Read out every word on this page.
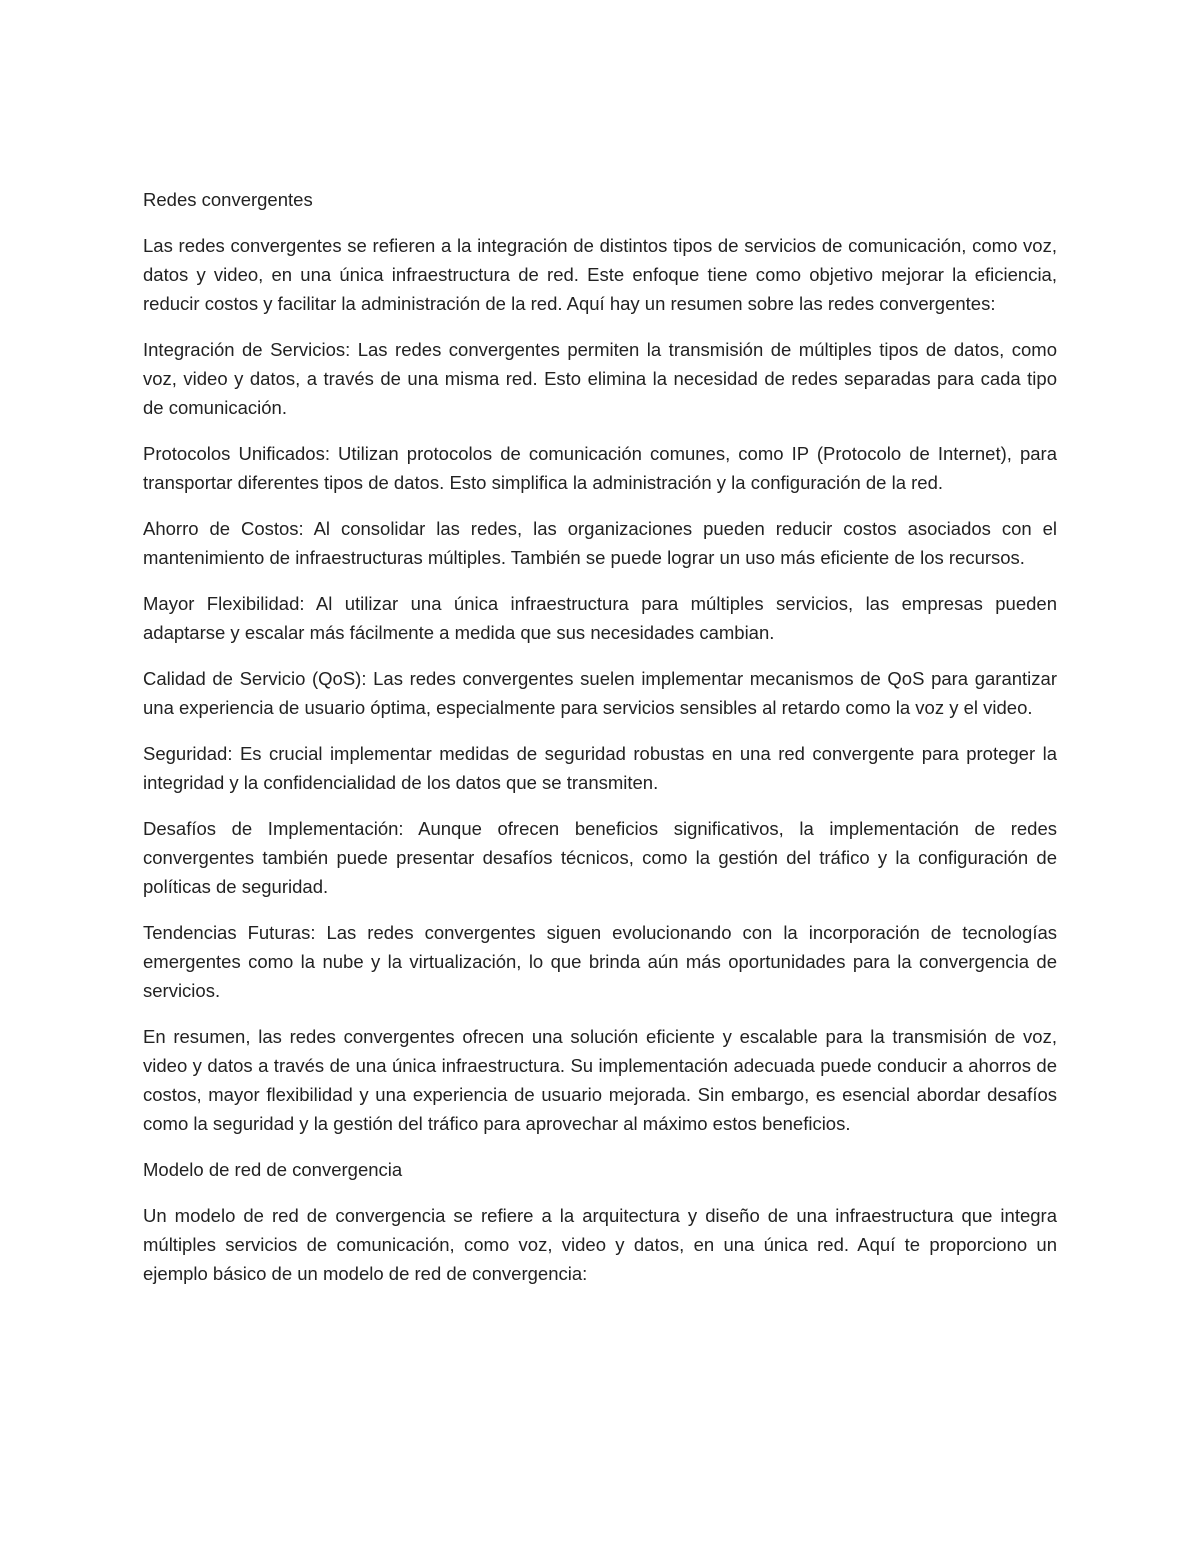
Redes convergentes

Las redes convergentes se refieren a la integración de distintos tipos de servicios de comunicación, como voz, datos y video, en una única infraestructura de red. Este enfoque tiene como objetivo mejorar la eficiencia, reducir costos y facilitar la administración de la red. Aquí hay un resumen sobre las redes convergentes:

Integración de Servicios: Las redes convergentes permiten la transmisión de múltiples tipos de datos, como voz, video y datos, a través de una misma red. Esto elimina la necesidad de redes separadas para cada tipo de comunicación.

Protocolos Unificados: Utilizan protocolos de comunicación comunes, como IP (Protocolo de Internet), para transportar diferentes tipos de datos. Esto simplifica la administración y la configuración de la red.

Ahorro de Costos: Al consolidar las redes, las organizaciones pueden reducir costos asociados con el mantenimiento de infraestructuras múltiples. También se puede lograr un uso más eficiente de los recursos.

Mayor Flexibilidad: Al utilizar una única infraestructura para múltiples servicios, las empresas pueden adaptarse y escalar más fácilmente a medida que sus necesidades cambian.

Calidad de Servicio (QoS): Las redes convergentes suelen implementar mecanismos de QoS para garantizar una experiencia de usuario óptima, especialmente para servicios sensibles al retardo como la voz y el video.

Seguridad: Es crucial implementar medidas de seguridad robustas en una red convergente para proteger la integridad y la confidencialidad de los datos que se transmiten.

Desafíos de Implementación: Aunque ofrecen beneficios significativos, la implementación de redes convergentes también puede presentar desafíos técnicos, como la gestión del tráfico y la configuración de políticas de seguridad.

Tendencias Futuras: Las redes convergentes siguen evolucionando con la incorporación de tecnologías emergentes como la nube y la virtualización, lo que brinda aún más oportunidades para la convergencia de servicios.

En resumen, las redes convergentes ofrecen una solución eficiente y escalable para la transmisión de voz, video y datos a través de una única infraestructura. Su implementación adecuada puede conducir a ahorros de costos, mayor flexibilidad y una experiencia de usuario mejorada. Sin embargo, es esencial abordar desafíos como la seguridad y la gestión del tráfico para aprovechar al máximo estos beneficios.

Modelo de red de convergencia

Un modelo de red de convergencia se refiere a la arquitectura y diseño de una infraestructura que integra múltiples servicios de comunicación, como voz, video y datos, en una única red. Aquí te proporciono un ejemplo básico de un modelo de red de convergencia:
